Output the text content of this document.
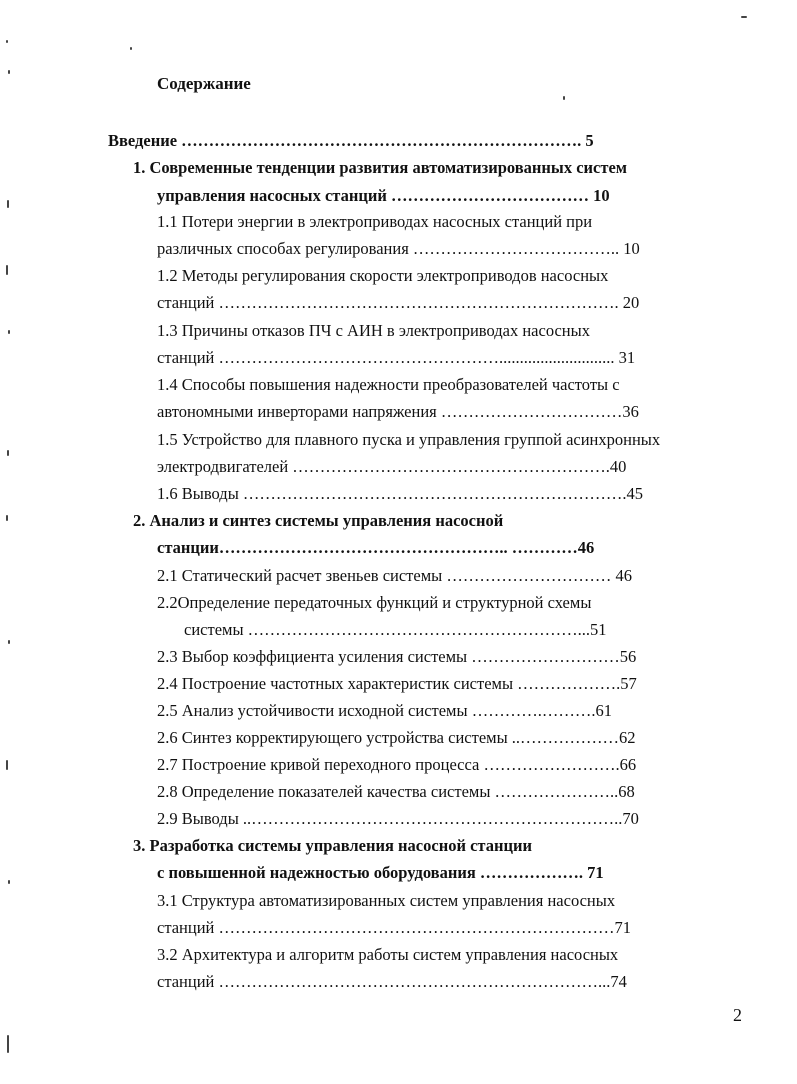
Содержание
Введение ………………………………………………………………. 5
1. Современные тенденции развития автоматизированных систем
управления насосных станций ……………………………… 10
1.1 Потери энергии в электроприводах насосных станций при
различных способах регулирования ……………………………….. 10
1.2 Методы регулирования скорости электроприводов насосных
станций ………………………………………………………………. 20
1.3 Причины отказов ПЧ с АИН в электроприводах насосных
станций ……………………………………………............................ 31
1.4 Способы повышения надежности преобразователей частоты с
автономными инверторами напряжения ……………………………36
1.5 Устройство для плавного пуска и управления группой асинхронных
электродвигателей ………………………………………………….40
1.6 Выводы …………………………………………………………….45
2. Анализ и синтез системы управления насосной
станции…………………………………………….. …………46
2.1 Статический расчет звеньев системы ………………………… 46
2.2Определение передаточных функций и структурной схемы
системы ……………………………………………………...51
2.3 Выбор коэффициента усиления системы ………………………56
2.4 Построение частотных характеристик системы ……………….57
2.5 Анализ устойчивости исходной системы ………….……….61
2.6 Синтез корректирующего устройства системы ..………………62
2.7 Построение кривой переходного процесса …………………….66
2.8 Определение показателей качества системы …………………..68
2.9 Выводы ..…………………………………………………………..70
3. Разработка системы управления насосной станции
с повышенной надежностью оборудования ………………. 71
3.1 Структура автоматизированных систем управления насосных
станций ………………………………………………………………71
3.2 Архитектура и алгоритм работы систем управления насосных
станций ……………………………………………………………...74
2
